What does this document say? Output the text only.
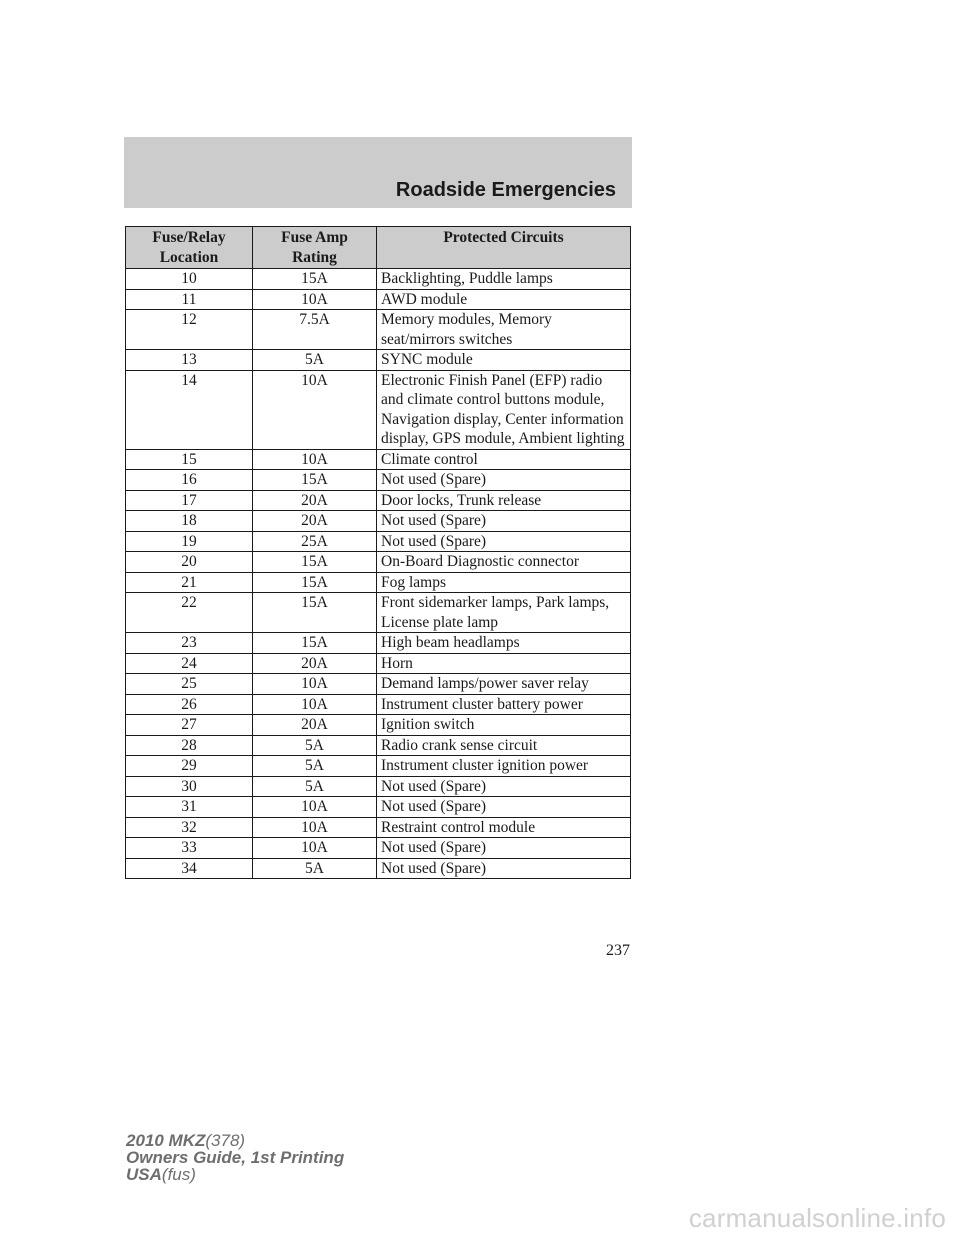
Roadside Emergencies
Fuse/Relay Location	Fuse Amp Rating	Protected Circuits
10	15A	Backlighting, Puddle lamps
11	10A	AWD module
12	7.5A	Memory modules, Memory seat/mirrors switches
13	5A	SYNC module
14	10A	Electronic Finish Panel (EFP) radio and climate control buttons module, Navigation display, Center information display, GPS module, Ambient lighting
15	10A	Climate control
16	15A	Not used (Spare)
17	20A	Door locks, Trunk release
18	20A	Not used (Spare)
19	25A	Not used (Spare)
20	15A	On-Board Diagnostic connector
21	15A	Fog lamps
22	15A	Front sidemarker lamps, Park lamps, License plate lamp
23	15A	High beam headlamps
24	20A	Horn
25	10A	Demand lamps/power saver relay
26	10A	Instrument cluster battery power
27	20A	Ignition switch
28	5A	Radio crank sense circuit
29	5A	Instrument cluster ignition power
30	5A	Not used (Spare)
31	10A	Not used (Spare)
32	10A	Restraint control module
33	10A	Not used (Spare)
34	5A	Not used (Spare)
237
2010 MKZ(378)
Owners Guide, 1st Printing
USA(fus)
carmanualsonline.info
